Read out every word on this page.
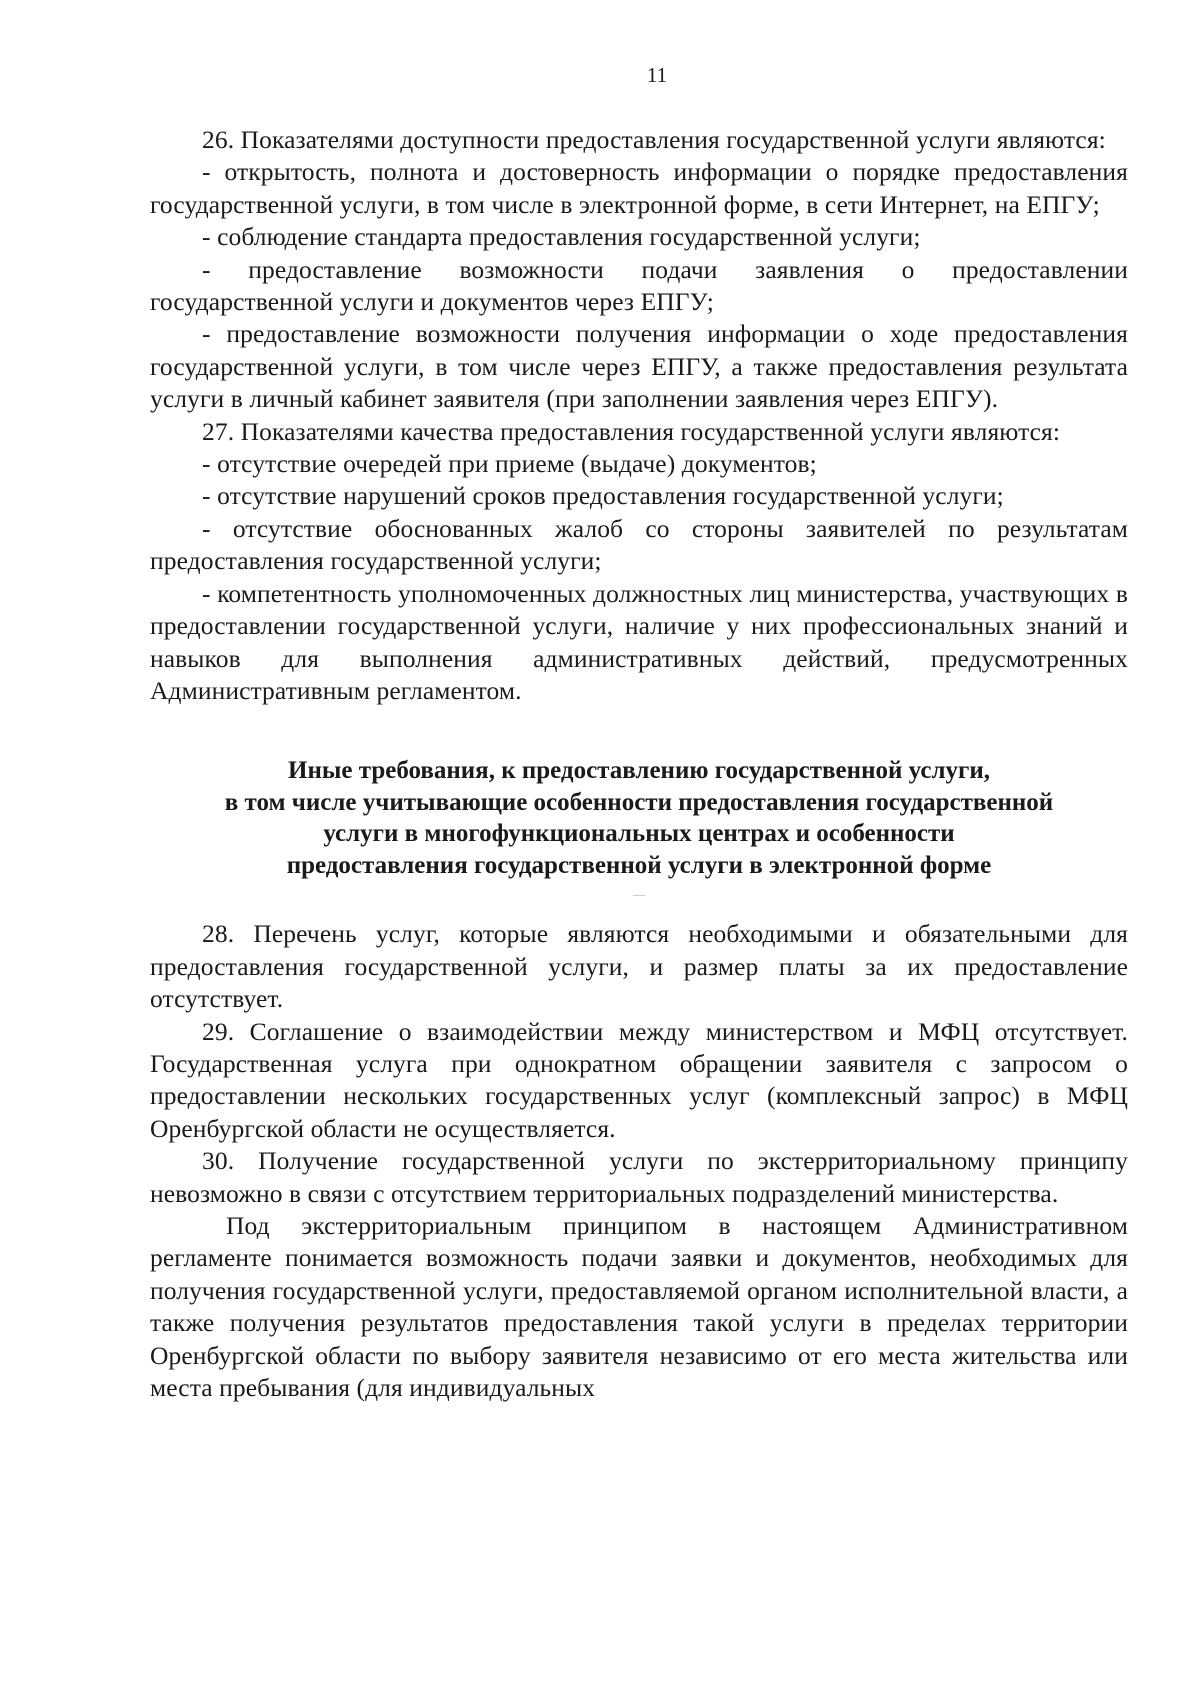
11

26. Показателями доступности предоставления государственной услуги являются:

- открытость, полнота и достоверность информации о порядке предоставления государственной услуги, в том числе в электронной форме, в сети Интернет, на ЕПГУ;

- соблюдение стандарта предоставления государственной услуги;

- предоставление возможности подачи заявления о предоставлении государственной услуги и документов через ЕПГУ;

- предоставление возможности получения информации о ходе предоставления государственной услуги, в том числе через ЕПГУ, а также предоставления результата услуги в личный кабинет заявителя (при заполнении заявления через ЕПГУ).

27. Показателями качества предоставления государственной услуги являются:

- отсутствие очередей при приеме (выдаче) документов;

- отсутствие нарушений сроков предоставления государственной услуги;

- отсутствие обоснованных жалоб со стороны заявителей по результатам предоставления государственной услуги;

- компетентность уполномоченных должностных лиц министерства, участвующих в предоставлении государственной услуги, наличие у них профессиональных знаний и навыков для выполнения административных действий, предусмотренных Административным регламентом.

Иные требования, к предоставлению государственной услуги,
в том числе учитывающие особенности предоставления государственной
услуги в многофункциональных центрах и особенности
предоставления государственной услуги в электронной форме

28. Перечень услуг, которые являются необходимыми и обязательными для предоставления государственной услуги, и размер платы за их предоставление отсутствует.

29. Соглашение о взаимодействии между министерством и МФЦ отсутствует. Государственная услуга при однократном обращении заявителя с запросом о предоставлении нескольких государственных услуг (комплексный запрос) в МФЦ Оренбургской области не осуществляется.

30. Получение государственной услуги по экстерриториальному принципу невозможно в связи с отсутствием территориальных подразделений министерства.

Под экстерриториальным принципом в настоящем Административном регламенте понимается возможность подачи заявки и документов, необходимых для получения государственной услуги, предоставляемой органом исполнительной власти, а также получения результатов предоставления такой услуги в пределах территории Оренбургской области по выбору заявителя независимо от его места жительства или места пребывания (для индивидуальных
